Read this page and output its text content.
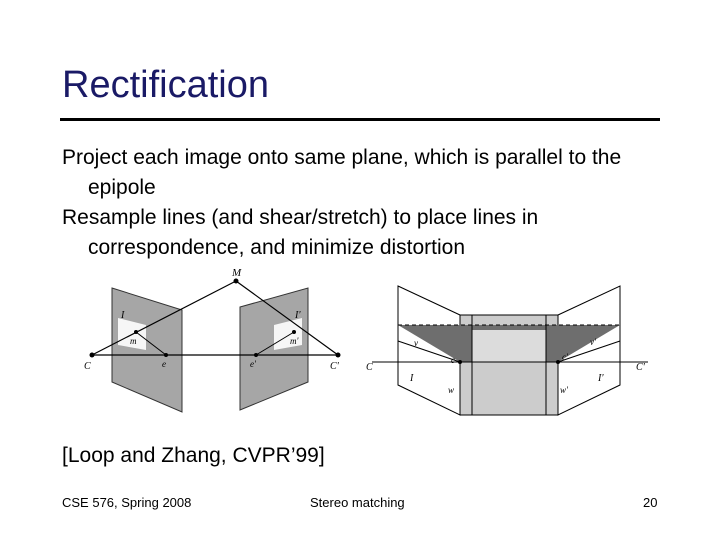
Rectification

Project each image onto same plane, which is parallel to the epipole

Resample lines (and shear/stretch) to place lines in correspondence, and minimize distortion

M
I	I'
m	m'
C	C'
e	e'	C	C'
v	v'
c	c'
I	I'
w	w'
[Loop and Zhang, CVPR’99]
CSE 576, Spring 2008	Stereo matching	20
